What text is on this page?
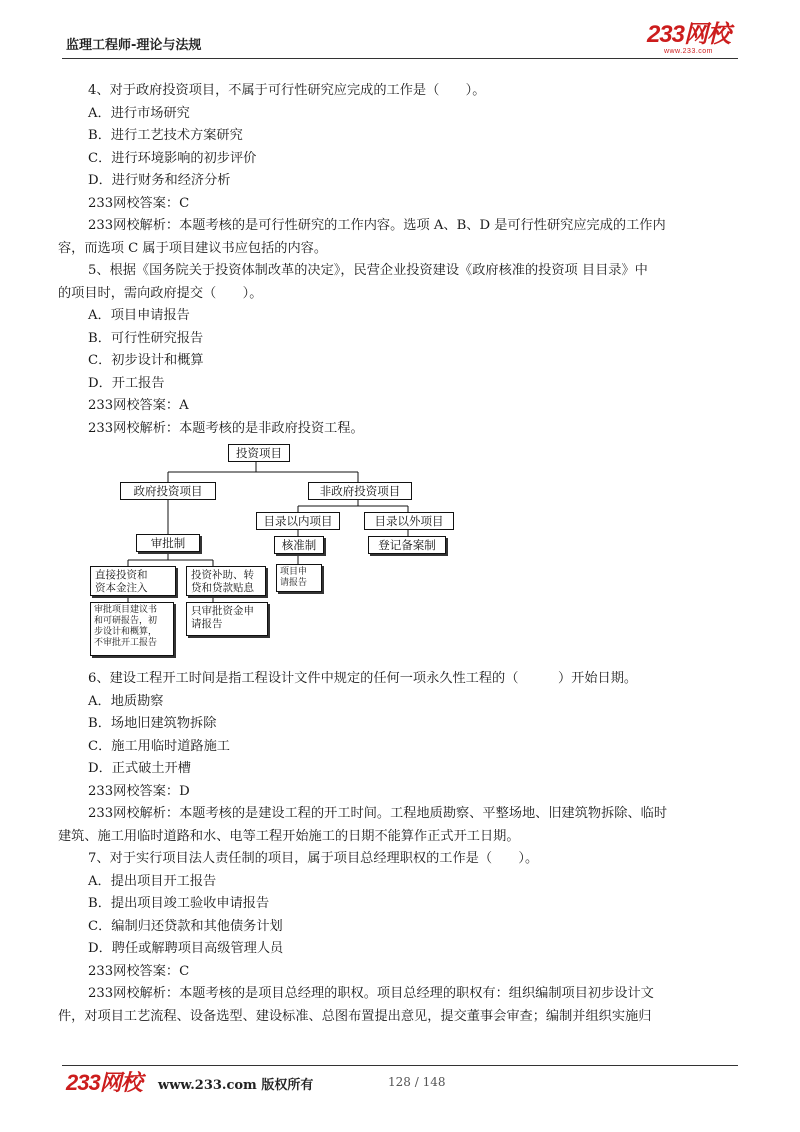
监理工程师-理论与法规	233网校
www.233.com
4、对于政府投资项目，不属于可行性研究应完成的工作是（　　）。
A．进行市场研究
B．进行工艺技术方案研究
C．进行环境影响的初步评价
D．进行财务和经济分析
233网校答案：C
233网校解析：本题考核的是可行性研究的工作内容。选项 A、B、D 是可行性研究应完成的工作内
容，而选项 C 属于项目建议书应包括的内容。
5、根据《国务院关于投资体制改革的决定》，民营企业投资建设《政府核准的投资项 目目录》中
的项目时，需向政府提交（　　）。
A．项目申请报告
B．可行性研究报告
C．初步设计和概算
D．开工报告
233网校答案：A
233网校解析：本题考核的是非政府投资工程。
投资项目
政府投资项目	非政府投资项目
目录以内项目	目录以外项目
审批制	核准制	登记备案制
直接投资和
资本金注入
投资补助、转
贷和贷款贴息
项目申
请报告
审批项目建议书
和可研报告，初
步设计和概算，
不审批开工报告
只审批资金申
请报告
6、建设工程开工时间是指工程设计文件中规定的任何一项永久性工程的（　　　）开始日期。
A．地质勘察
B．场地旧建筑物拆除
C．施工用临时道路施工
D．正式破土开槽
233网校答案：D
233网校解析：本题考核的是建设工程的开工时间。工程地质勘察、平整场地、旧建筑物拆除、临时
建筑、施工用临时道路和水、电等工程开始施工的日期不能算作正式开工日期。
7、对于实行项目法人责任制的项目，属于项目总经理职权的工作是（　　）。
A．提出项目开工报告
B．提出项目竣工验收申请报告
C．编制归还贷款和其他债务计划
D．聘任或解聘项目高级管理人员
233网校答案：C
233网校解析：本题考核的是项目总经理的职权。项目总经理的职权有：组织编制项目初步设计文
件，对项目工艺流程、设备选型、建设标准、总图布置提出意见，提交董事会审查；编制并组织实施归
233网校 www.233.com 版权所有	128 / 148
